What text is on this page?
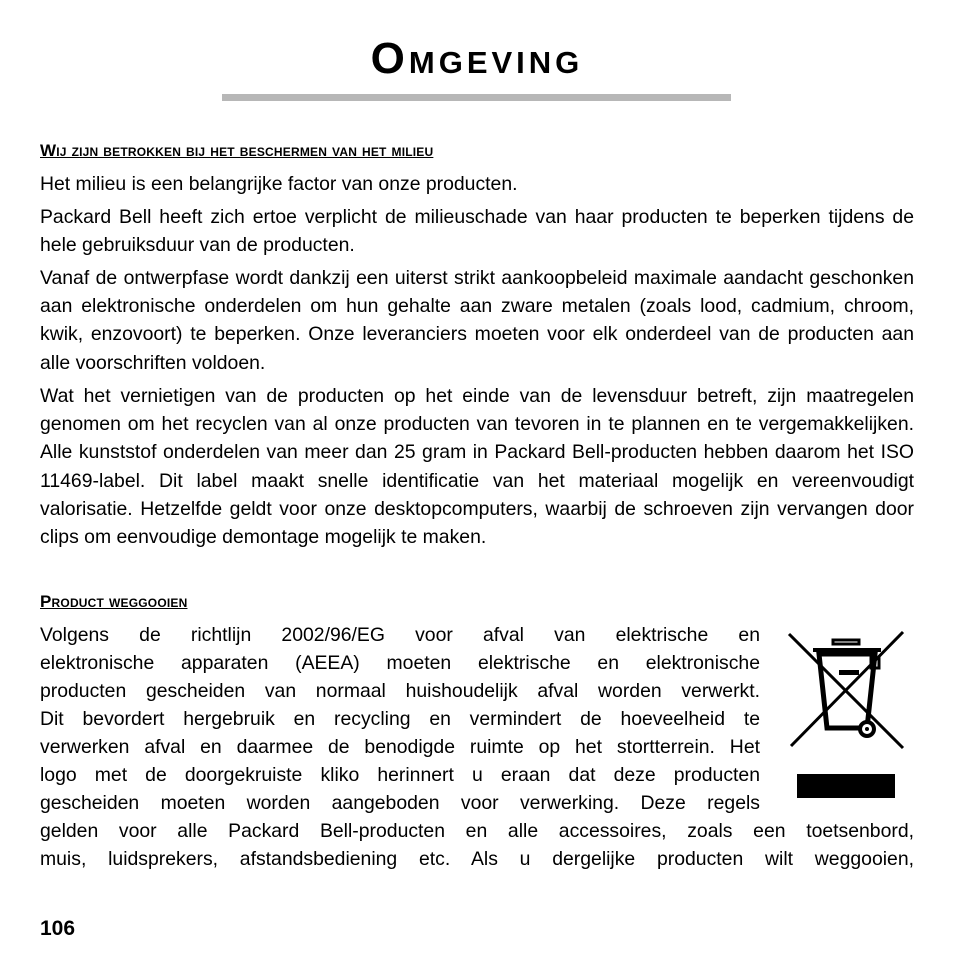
Omgeving
Wij zijn betrokken bij het beschermen van het milieu

Het milieu is een belangrijke factor van onze producten.

Packard Bell heeft zich ertoe verplicht de milieuschade van haar producten te beperken tijdens de hele gebruiksduur van de producten.

Vanaf de ontwerpfase wordt dankzij een uiterst strikt aankoopbeleid maximale aandacht geschonken aan elektronische onderdelen om hun gehalte aan zware metalen (zoals lood, cadmium, chroom, kwik, enzovoort) te beperken. Onze leveranciers moeten voor elk onderdeel van de producten aan alle voorschriften voldoen.

Wat het vernietigen van de producten op het einde van de levensduur betreft, zijn maatregelen genomen om het recyclen van al onze producten van tevoren in te plannen en te vergemakkelijken. Alle kunststof onderdelen van meer dan 25 gram in Packard Bell-producten hebben daarom het ISO 11469-label. Dit label maakt snelle identificatie van het materiaal mogelijk en vereenvoudigt valorisatie. Hetzelfde geldt voor onze desktopcomputers, waarbij de schroeven zijn vervangen door clips om eenvoudige demontage mogelijk te maken.

Product weggooien

Volgens de richtlijn 2002/96/EG voor afval van elektrische en

elektronische apparaten (AEEA) moeten elektrische en elektronische

producten gescheiden van normaal huishoudelijk afval worden verwerkt.

Dit bevordert hergebruik en recycling en vermindert de hoeveelheid te

verwerken afval en daarmee de benodigde ruimte op het stortterrein. Het

logo met de doorgekruiste kliko herinnert u eraan dat deze producten

gescheiden moeten worden aangeboden voor verwerking. Deze regels

gelden voor alle Packard Bell-producten en alle accessoires, zoals een toetsenbord,

muis, luidsprekers, afstandsbediening etc. Als u dergelijke producten wilt weggooien,

106
